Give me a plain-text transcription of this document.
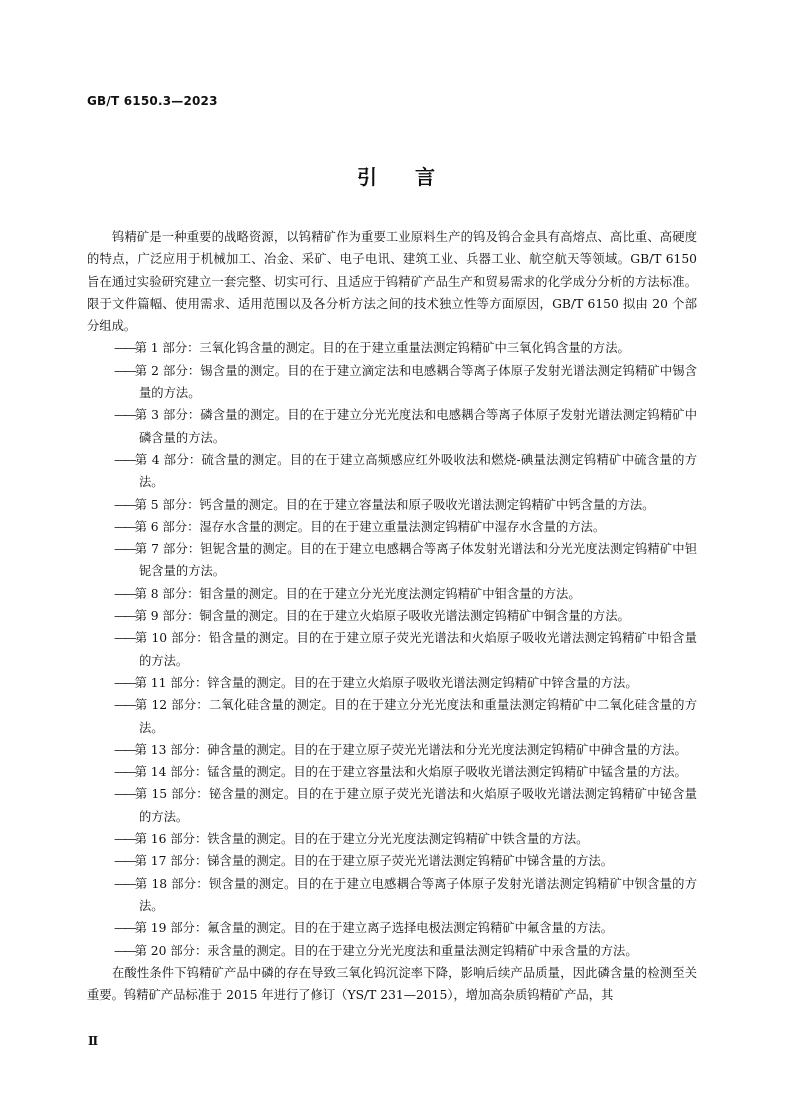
GB/T 6150.3—2023
引言

钨精矿是一种重要的战略资源，以钨精矿作为重要工业原料生产的钨及钨合金具有高熔点、高比重、高硬度的特点，广泛应用于机械加工、冶金、采矿、电子电讯、建筑工业、兵器工业、航空航天等领域。GB/T 6150 旨在通过实验研究建立一套完整、切实可行、且适应于钨精矿产品生产和贸易需求的化学成分分析的方法标准。限于文件篇幅、使用需求、适用范围以及各分析方法之间的技术独立性等方面原因，GB/T 6150 拟由 20 个部分组成。

——第 1 部分：三氧化钨含量的测定。目的在于建立重量法测定钨精矿中三氧化钨含量的方法。
——第 2 部分：锡含量的测定。目的在于建立滴定法和电感耦合等离子体原子发射光谱法测定钨精矿中锡含量的方法。
——第 3 部分：磷含量的测定。目的在于建立分光光度法和电感耦合等离子体原子发射光谱法测定钨精矿中磷含量的方法。
——第 4 部分：硫含量的测定。目的在于建立高频感应红外吸收法和燃烧-碘量法测定钨精矿中硫含量的方法。
——第 5 部分：钙含量的测定。目的在于建立容量法和原子吸收光谱法测定钨精矿中钙含量的方法。
——第 6 部分：湿存水含量的测定。目的在于建立重量法测定钨精矿中湿存水含量的方法。
——第 7 部分：钽铌含量的测定。目的在于建立电感耦合等离子体发射光谱法和分光光度法测定钨精矿中钽铌含量的方法。
——第 8 部分：钼含量的测定。目的在于建立分光光度法测定钨精矿中钼含量的方法。
——第 9 部分：铜含量的测定。目的在于建立火焰原子吸收光谱法测定钨精矿中铜含量的方法。
——第 10 部分：铅含量的测定。目的在于建立原子荧光光谱法和火焰原子吸收光谱法测定钨精矿中铅含量的方法。
——第 11 部分：锌含量的测定。目的在于建立火焰原子吸收光谱法测定钨精矿中锌含量的方法。
——第 12 部分：二氧化硅含量的测定。目的在于建立分光光度法和重量法测定钨精矿中二氧化硅含量的方法。
——第 13 部分：砷含量的测定。目的在于建立原子荧光光谱法和分光光度法测定钨精矿中砷含量的方法。
——第 14 部分：锰含量的测定。目的在于建立容量法和火焰原子吸收光谱法测定钨精矿中锰含量的方法。
——第 15 部分：铋含量的测定。目的在于建立原子荧光光谱法和火焰原子吸收光谱法测定钨精矿中铋含量的方法。
——第 16 部分：铁含量的测定。目的在于建立分光光度法测定钨精矿中铁含量的方法。
——第 17 部分：锑含量的测定。目的在于建立原子荧光光谱法测定钨精矿中锑含量的方法。
——第 18 部分：钡含量的测定。目的在于建立电感耦合等离子体原子发射光谱法测定钨精矿中钡含量的方法。
——第 19 部分：氟含量的测定。目的在于建立离子选择电极法测定钨精矿中氟含量的方法。
——第 20 部分：汞含量的测定。目的在于建立分光光度法和重量法测定钨精矿中汞含量的方法。

在酸性条件下钨精矿产品中磷的存在导致三氧化钨沉淀率下降，影响后续产品质量，因此磷含量的检测至关重要。钨精矿产品标准于 2015 年进行了修订（YS/T 231—2015），增加高杂质钨精矿产品，其

Ⅱ
